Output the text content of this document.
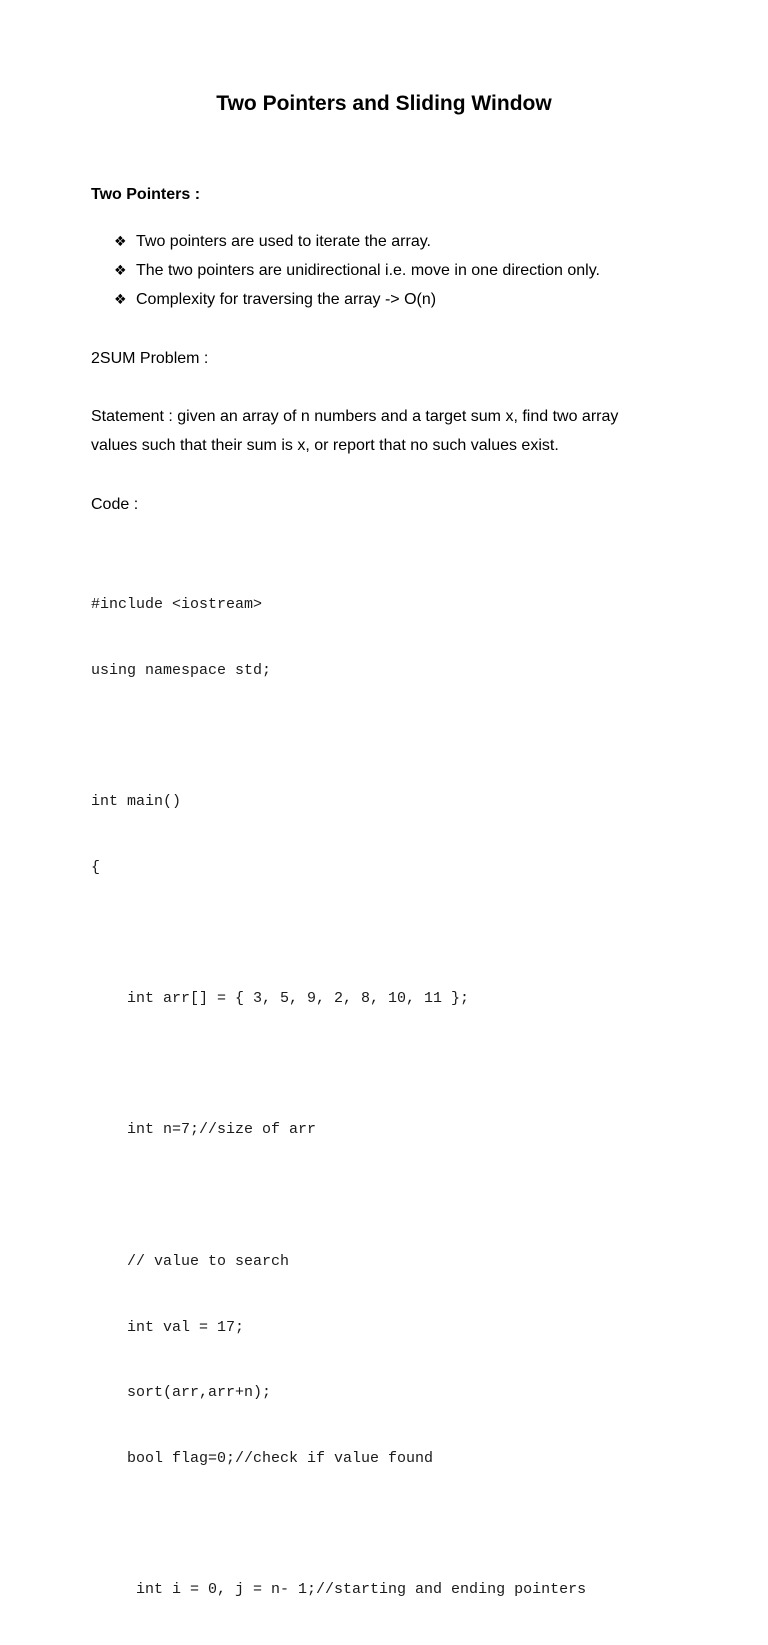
Two Pointers and Sliding Window
Two Pointers :
❖ Two pointers are used to iterate the array.
❖ The two pointers are unidirectional i.e. move in one direction only.
❖ Complexity for traversing the array -> O(n)

2SUM Problem :

Statement : given an array of n numbers and a target sum x, find two array

values such that their sum is x, or report that no such values exist.

Code :

#include <iostream>

using namespace std;

int main()

{

int arr[] = { 3, 5, 9, 2, 8, 10, 11 };

int n=7;//size of arr

// value to search

int val = 17;

sort(arr,arr+n);

bool flag=0;//check if value found

int i = 0, j = n- 1;//starting and ending pointers
